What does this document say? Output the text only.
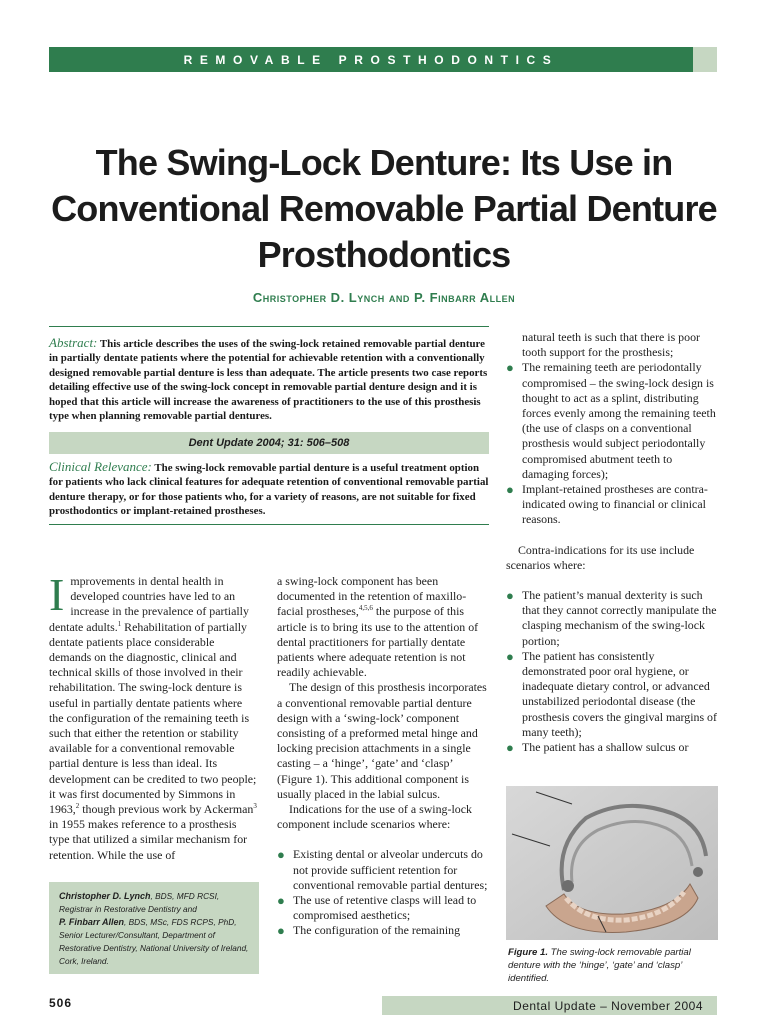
REMOVABLE PROSTHODONTICS
The Swing-Lock Denture: Its Use in Conventional Removable Partial Denture Prosthodontics
Christopher D. Lynch and P. Finbarr Allen
Abstract: This article describes the uses of the swing-lock retained removable partial denture in partially dentate patients where the potential for achievable retention with a conventionally designed removable partial denture is less than adequate. The article presents two case reports detailing effective use of the swing-lock concept in removable partial denture design and it is hoped that this article will increase the awareness of practitioners to the use of this prosthesis type when planning removable partial dentures.
Dent Update 2004; 31: 506–508
Clinical Relevance: The swing-lock removable partial denture is a useful treatment option for patients who lack clinical features for adequate retention of conventional removable partial denture therapy, or for those patients who, for a variety of reasons, are not suitable for fixed prosthodontics or implant-retained prostheses.

Improvements in dental health in developed countries have led to an increase in the prevalence of partially dentate adults.$^1$ Rehabilitation of partially dentate patients place considerable demands on the diagnostic, clinical and technical skills of those involved in their rehabilitation. The swing-lock denture is useful in partially dentate patients where the configuration of the remaining teeth is such that either the retention or stability available for a conventional removable partial denture is less than ideal. Its development can be credited to two people; it was first documented by Simmons in 1963,$^2$ though previous work by Ackerman$^3$ in 1955 makes reference to a prosthesis type that utilized a similar mechanism for retention. While the use of

Christopher D. Lynch, BDS, MFD RCSI,
Registrar in Restorative Dentistry and
P. Finbarr Allen, BDS, MSc, FDS RCPS, PhD, Senior Lecturer/Consultant, Department of Restorative Dentistry, National University of Ireland, Cork, Ireland.

a swing-lock component has been documented in the retention of maxillo-facial prostheses,$^{4,5,6}$ the purpose of this article is to bring its use to the attention of dental practitioners for partially dentate patients where adequate retention is not readily achievable.

The design of this prosthesis incorporates a conventional removable partial denture design with a ‘swing-lock’ component consisting of a preformed metal hinge and locking precision attachments in a single casting – a ‘hinge’, ‘gate’ and ‘clasp’ (Figure 1). This additional component is usually placed in the labial sulcus.

Indications for the use of a swing-lock component include scenarios where:

● Existing dental or alveolar undercuts do not provide sufficient retention for conventional removable partial dentures;
● The use of retentive clasps will lead to compromised aesthetics;
● The configuration of the remaining

natural teeth is such that there is poor tooth support for the prosthesis;

● The remaining teeth are periodontally compromised – the swing-lock design is thought to act as a splint, distributing forces evenly among the remaining teeth (the use of clasps on a conventional prosthesis would subject periodontally compromised abutment teeth to damaging forces);
● Implant-retained prostheses are contra-indicated owing to financial or clinical reasons.

Contra-indications for its use include scenarios where:

● The patient’s manual dexterity is such that they cannot correctly manipulate the clasping mechanism of the swing-lock portion;
● The patient has consistently demonstrated poor oral hygiene, or inadequate dietary control, or advanced unstabilized periodontal disease (the prosthesis covers the gingival margins of many teeth);
● The patient has a shallow sulcus or
Figure 1. The swing-lock removable partial denture with the ‘hinge’, ‘gate’ and ‘clasp’ identified.
506	Dental Update – November 2004
